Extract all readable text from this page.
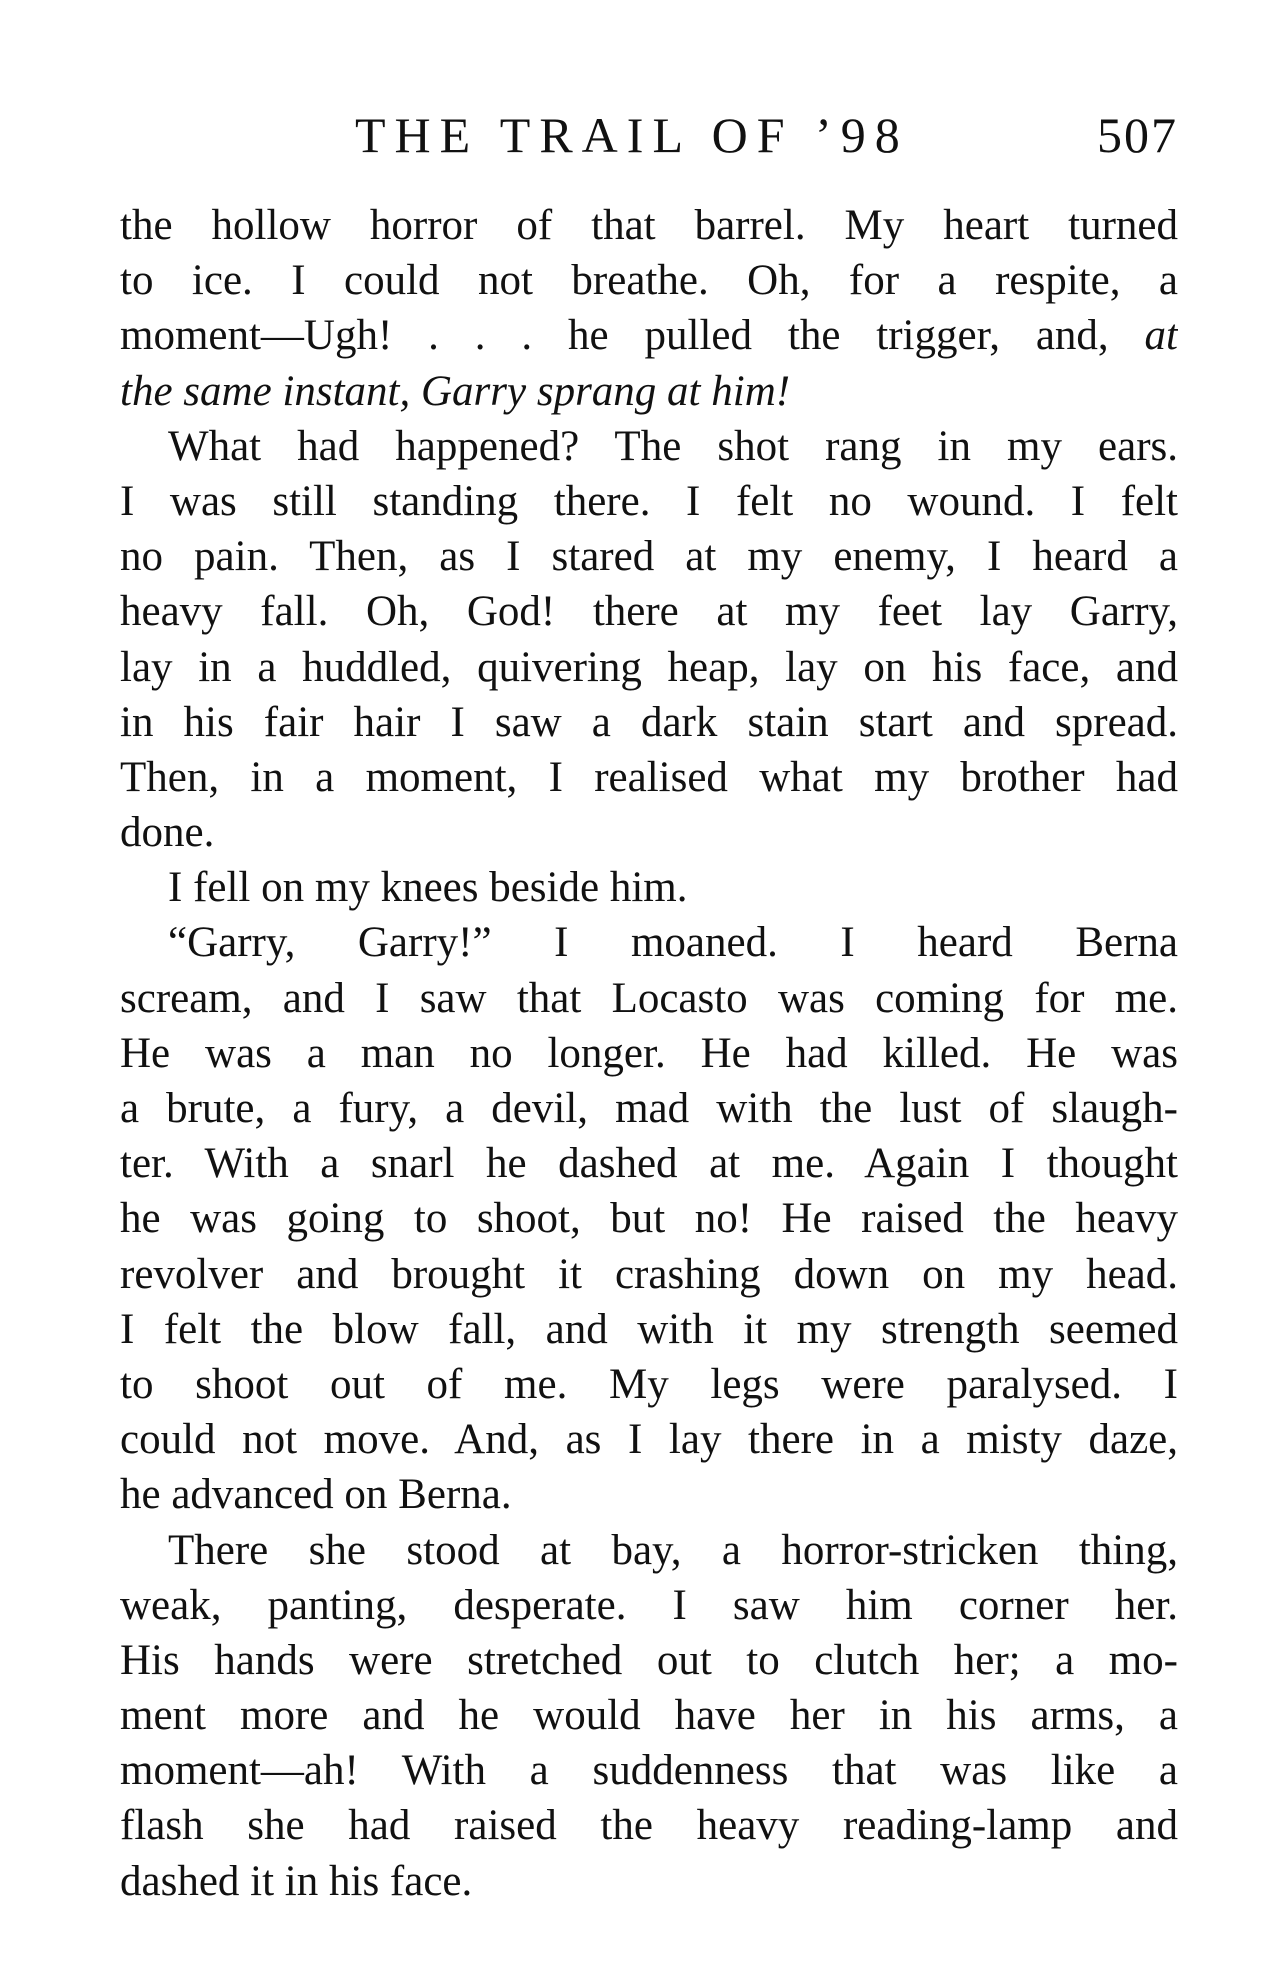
THE TRAIL OF ’98	507
the hollow horror of that barrel. My heart turned
to ice. I could not breathe. Oh, for a respite, a
moment—Ugh! . . . he pulled the trigger, and, at
the same instant, Garry sprang at him!
What had happened? The shot rang in my ears.
I was still standing there. I felt no wound. I felt
no pain. Then, as I stared at my enemy, I heard a
heavy fall. Oh, God! there at my feet lay Garry,
lay in a huddled, quivering heap, lay on his face, and
in his fair hair I saw a dark stain start and spread.
Then, in a moment, I realised what my brother had
done.
I fell on my knees beside him.
“Garry, Garry!” I moaned. I heard Berna
scream, and I saw that Locasto was coming for me.
He was a man no longer. He had killed. He was
a brute, a fury, a devil, mad with the lust of slaugh-
ter. With a snarl he dashed at me. Again I thought
he was going to shoot, but no! He raised the heavy
revolver and brought it crashing down on my head.
I felt the blow fall, and with it my strength seemed
to shoot out of me. My legs were paralysed. I
could not move. And, as I lay there in a misty daze,
he advanced on Berna.
There she stood at bay, a horror-stricken thing,
weak, panting, desperate. I saw him corner her.
His hands were stretched out to clutch her; a mo-
ment more and he would have her in his arms, a
moment—ah! With a suddenness that was like a
flash she had raised the heavy reading-lamp and
dashed it in his face.
